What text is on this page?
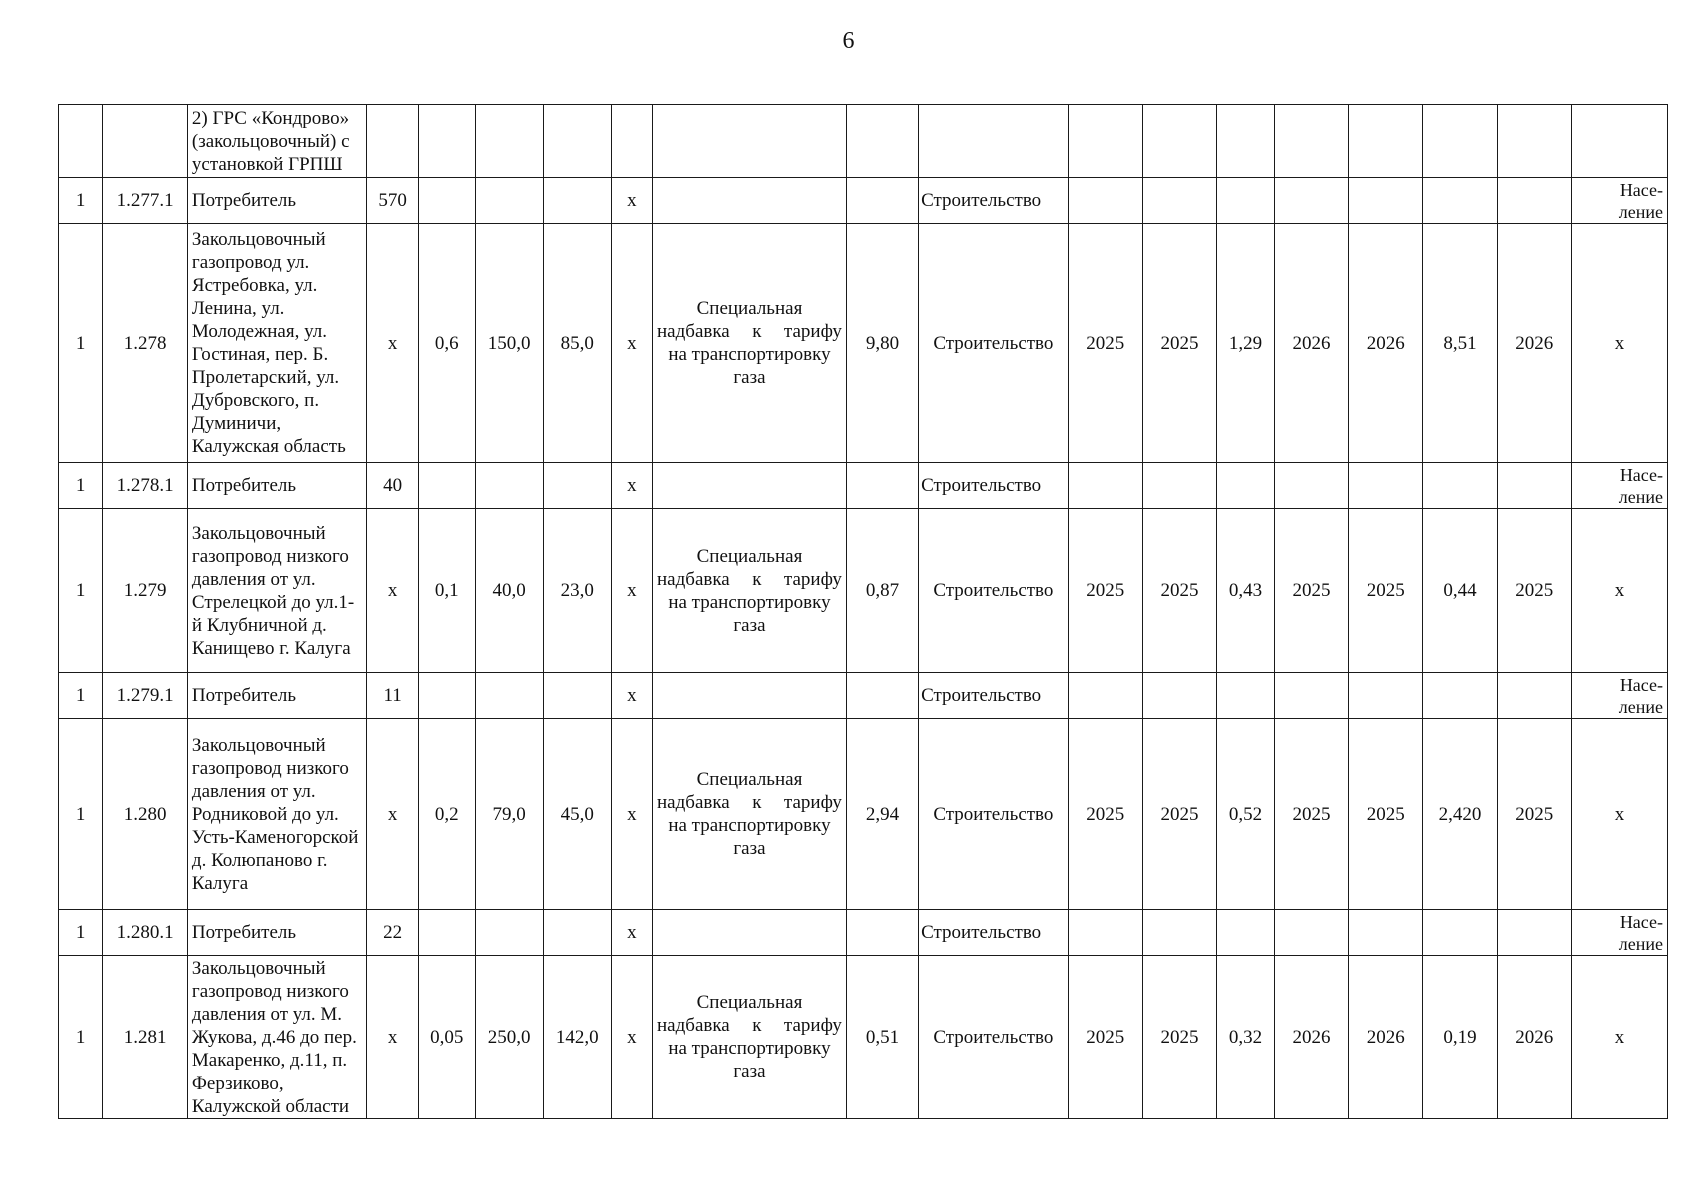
6
		2) ГРС «Кондрово» (закольцовочный) с установкой ГРПШ																
1	1.277.1	Потребитель	570				х			Строительство								Насе-ление

1	1.278	Закольцовочный газопровод ул. Ястребовка, ул. Ленина, ул. Молодежная, ул. Гостиная, пер. Б. Пролетарский, ул. Дубровского, п. Думиничи, Калужская область	х	0,6	150,0	85,0	х	Специальная
надбавка к тарифу
на транспортировку
газа	9,80	Строительство	2025	2025	1,29	2026	2026	8,51	2026	х
1	1.278.1	Потребитель	40				х			Строительство								Насе-ление

1	1.279	Закольцовочный газопровод низкого давления от ул. Стрелецкой до ул.1-й Клубничной д. Канищево г. Калуга	х	0,1	40,0	23,0	х	Специальная
надбавка к тарифу
на транспортировку
газа	0,87	Строительство	2025	2025	0,43	2025	2025	0,44	2025	х
1	1.279.1	Потребитель	11				х			Строительство								Насе-ление

1	1.280	Закольцовочный газопровод низкого давления от ул. Родниковой до ул. Усть-Каменогорской д. Колюпаново г. Калуга	х	0,2	79,0	45,0	х	Специальная
надбавка к тарифу
на транспортировку
газа	2,94	Строительство	2025	2025	0,52	2025	2025	2,420	2025	х
1	1.280.1	Потребитель	22				х			Строительство								Насе-ление

1	1.281	Закольцовочный газопровод низкого давления от ул. М. Жукова, д.46 до пер. Макаренко, д.11, п. Ферзиково, Калужской области	х	0,05	250,0	142,0	х	Специальная
надбавка к тарифу
на транспортировку
газа	0,51	Строительство	2025	2025	0,32	2026	2026	0,19	2026	х
